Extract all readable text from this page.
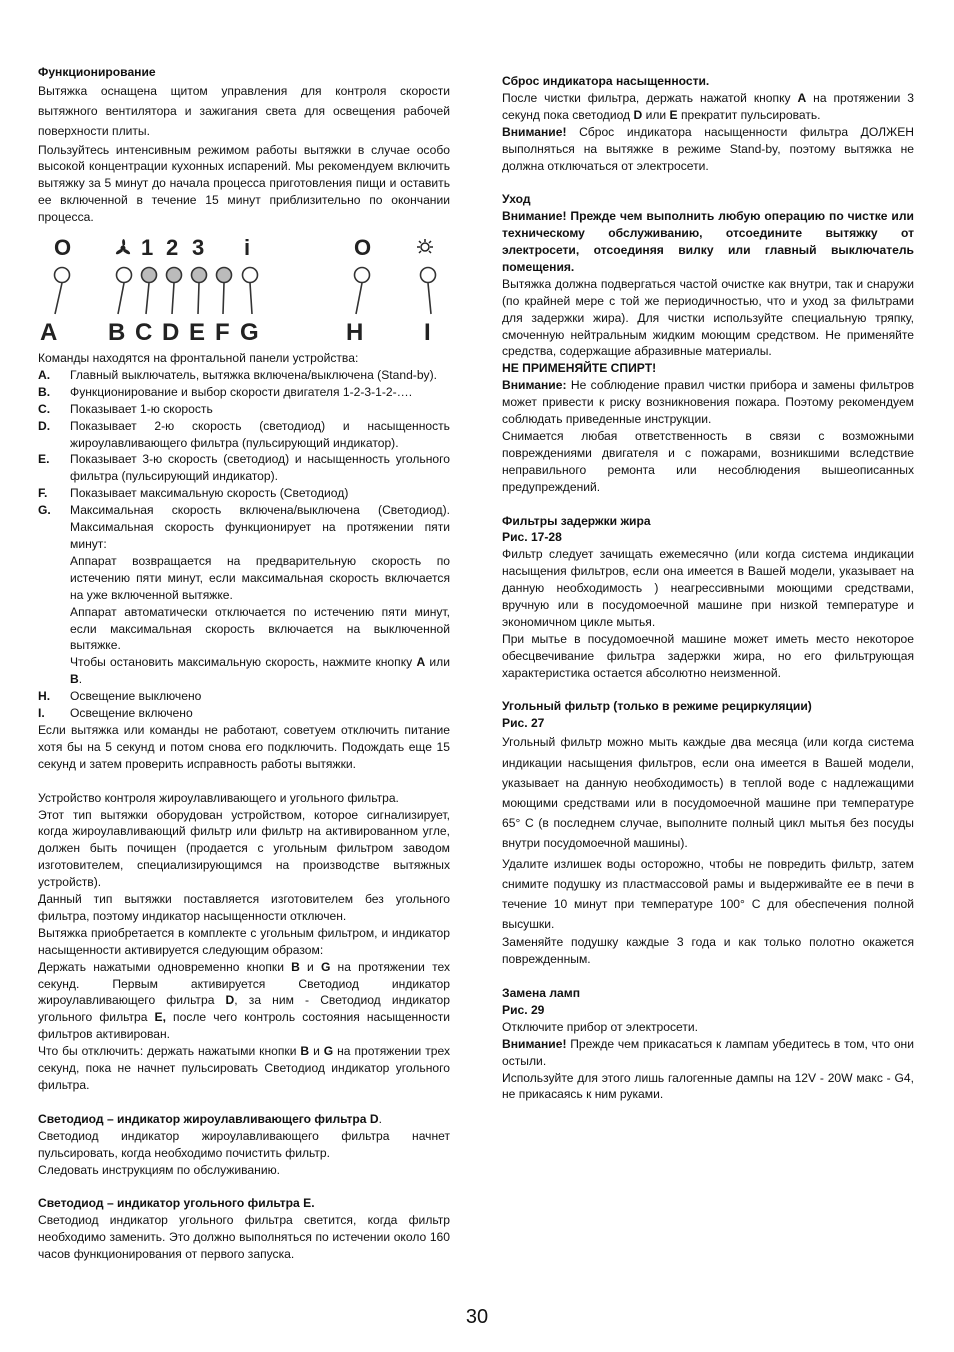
Функционирование

Вытяжка оснащена щитом управления для контроля скорости вытяжного вентилятора и зажигания света для освещения рабочей поверхности плиты.

Пользуйтесь интенсивным режимом работы вытяжки в случае особо высокой концентрации кухонных испарений. Мы рекомендуем включить вытяжку за 5 минут до начала процесса приготовления пищи и оставить ее включенной в течение 15 минут приблизительно по окончании процесса.

O	1 2 3 i	O
A B C D E F G	H	I

Команды находятся на фронтальной панели устройства:

A.	Главный выключатель, вытяжка включена/выключена (Stand-by).
B.	Функционирование и выбор скорости двигателя 1-2-3-1-2-….
C.	Показывает 1-ю скорость
D.	Показывает 2-ю скорость (светодиод) и насыщенность жироулавливающего фильтра (пульсирующий индикатор).
E.	Показывает 3-ю скорость (светодиод) и насыщенность угольного фильтра (пульсирующий индикатор).
F.	Показывает максимальную скорость (Светодиод)
G.	Максимальная скорость включена/выключена (Светодиод). Максимальная скорость функционирует на протяжении пяти минут:

Аппарат возвращается на предварительную скорость по истечению пяти минут, если максимальная скорость включается на уже включенной вытяжке.

Аппарат автоматически отключается по истечению пяти минут, если максимальная скорость включается на выключенной вытяжке.

Чтобы остановить максимальную скорость, нажмите кнопку A или B.

H.	Освещение выключено
I.	Освещение включено

Если вытяжка или команды не работают, советуем отключить питание хотя бы на 5 секунд и потом снова его подключить. Подождать еще 15 секунд и затем проверить исправность работы вытяжки.

Устройство контроля жироулавливающего и угольного фильтра.

Этот тип вытяжки оборудован устройством, которое сигнализирует, когда жироулавливающий фильтр или фильтр на активированном угле, должен быть почищен (продается с угольным фильтром заводом изготовителем, специализирующимся на производстве вытяжных устройств).

Данный тип вытяжки поставляется изготовителем без угольного фильтра, поэтому индикатор насыщенности отключен.

Вытяжка приобретается в комплекте с угольным фильтром, и индикатор насыщенности активируется следующим образом:

Держать нажатыми одновременно кнопки B и G на протяжении тех секунд. Первым активируется Светодиод индикатор жироулавливающего фильтра D, за ним - Светодиод индикатор угольного фильтра E, после чего контроль состояния насыщенности фильтров активирован.

Что бы отключить: держать нажатыми кнопки B и G на протяжении трех секунд, пока не начнет пульсировать Светодиод индикатор угольного фильтра.

Светодиод – индикатор жироулавливающего фильтра D.

Светодиод индикатор жироулавливающего фильтра начнет пульсировать, когда необходимо почистить фильтр.

Следовать инструкциям по обслуживанию.

Светодиод – индикатор угольного фильтра E.

Светодиод индикатор угольного фильтра светится, когда фильтр необходимо заменить. Это должно выполняться по истечении около 160 часов функционирования от первого запуска.

Сброс индикатора насыщенности.

После чистки фильтра, держать нажатой кнопку A на протяжении 3 секунд пока светодиод D или E прекратит пульсировать.

Внимание! Сброс индикатора насыщенности фильтра ДОЛЖЕН выполняться на вытяжке в режиме Stand-by, поэтому вытяжка не должна отключаться от электросети.

Уход

Внимание! Прежде чем выполнить любую операцию по чистке или техническому обслуживанию, отсоедините вытяжку от электросети, отсоединяя вилку или главный выключатель помещения.

Вытяжка должна подвергаться частой очистке как внутри, так и снаружи (по крайней мере с той же периодичностью, что и уход за фильтрами для задержки жира). Для чистки используйте специальную тряпку, смоченную нейтральным жидким моющим средством. Не применяйте средства, содержащие абразивные материалы.

НЕ ПРИМЕНЯЙТЕ СПИРТ!

Внимание: Не соблюдение правил чистки прибора и замены фильтров может привести к риску возникновения пожара. Поэтому рекомендуем соблюдать приведенные инструкции.

Снимается любая ответственность в связи с возможными повреждениями двигателя и с пожарами, возникшими вследствие неправильного ремонта или несоблюдения вышеописанных предупреждений.

Фильтры задержки жира

Рис. 17-28

Фильтр следует зачищать ежемесячно (или когда система индикации насыщения фильтров, если она имеется в Вашей модели, указывает на данную необходимость ) неагрессивными моющими средствами, вручную или в посудомоечной машине при низкой температуре и экономичном цикле мытья.

При мытье в посудомоечной машине может иметь место некоторое обесцвечивание фильтра задержки жира, но его фильтрующая характеристика остается абсолютно неизменной.

Угольный фильтр (только в режиме рециркуляции)

Рис. 27

Угольный фильтр можно мыть каждые два месяца (или когда система индикации насыщения фильтров, если она имеется в Вашей модели, указывает на данную необходимость) в теплой воде с надлежащими моющими средствами или в посудомоечной машине при температуре 65° C (в последнем случае, выполните полный цикл мытья без посуды внутри посудомоечной машины).

Удалите излишек воды осторожно, чтобы не повредить фильтр, затем снимите подушку из пластмассовой рамы и выдерживайте ее в печи в течение 10 минут при температуре 100° C для обеспечения полной высушки.

Заменяйте подушку каждые 3 года и как только полотно окажется поврежденным.

Замена ламп

Рис. 29

Отключите прибор от электросети.

Внимание! Прежде чем прикасаться к лампам убедитесь в том, что они остыли.

Используйте для этого лишь галогенные дампы на 12V - 20W макс - G4, не прикасаясь к ним руками.

30
